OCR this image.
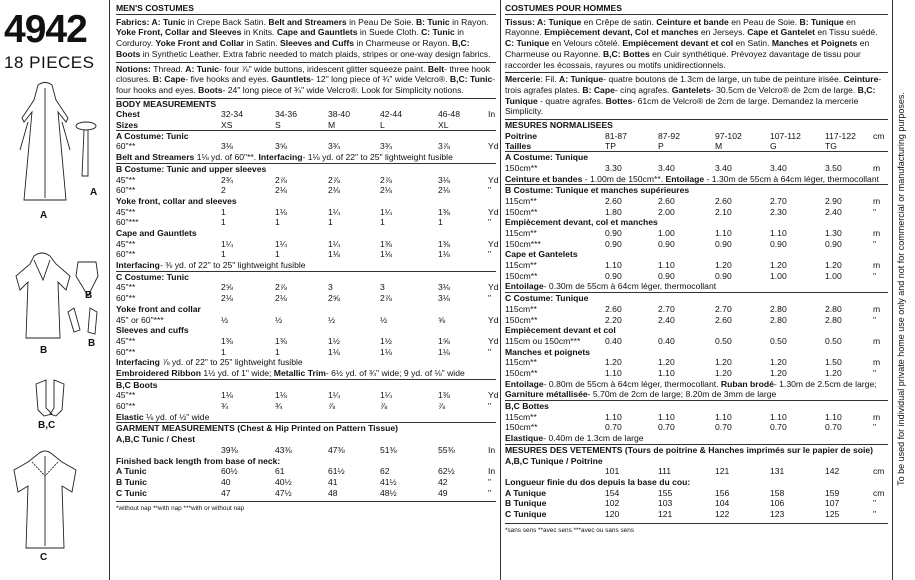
4942
18 PIECES
A
A
B
B
B
B,C
C
MEN'S COSTUMES

Fabrics: A: Tunic in Crepe Back Satin. Belt and Streamers in Peau De Soie. B: Tunic in Rayon. Yoke Front, Collar and Sleeves in Knits. Cape and Gauntlets in Suede Cloth. C: Tunic in Corduroy. Yoke Front and Collar in Satin. Sleeves and Cuffs in Charmeuse or Rayon. B,C: Boots in Synthetic Leather. Extra fabric needed to match plaids, stripes or one-way design fabrics.

Notions: Thread. A: Tunic- four ⅞" wide buttons, iridescent glitter squeeze paint. Belt- three hook closures. B: Cape- five hooks and eyes. Gauntlets- 12" long piece of ¾" wide Velcro®. B,C: Tunic- four hooks and eyes. Boots- 24" long piece of ¾" wide Velcro®. Look for Simplicity notions.

BODY MEASUREMENTS
Chest	32-34	34-36	38-40	42-44	46-48	In
Sizes	XS	S	M	L	XL
A Costume: Tunic
60"**	3⅛	3⅝	3¾	3¾	3⅞	Yd

Belt and Streamers 1⅛ yd. of 60"**. Interfacing- 1⅛ yd. of 22" to 25" lightweight fusible

B Costume: Tunic and upper sleeves
45"**	2¾	2⅞	2⅞	2⅞	3⅛	Yd
60"**	2	2⅛	2⅛	2⅛	2⅛	"
Yoke front, collar and sleeves
45"**	1	1⅛	1¼	1¼	1⅜	Yd
60"***	1	1	1	1	1	"
Cape and Gauntlets
45"**	1¼	1¼	1¼	1⅜	1⅜	Yd
60"**	1	1	1⅛	1⅛	1⅛	"

Interfacing- ⅜ yd. of 22" to 25" lightweight fusible

C Costume: Tunic
45"**	2⅝	2⅞	3	3	3⅛	Yd
60"**	2⅛	2⅛	2⅝	2⅞	3⅛	"
Yoke front and collar
45" or 60"***	½	½	½	½	⅝	Yd
Sleeves and cuffs
45"**	1⅜	1⅜	1½	1½	1⅝	Yd
60"**	1	1	1⅛	1⅛	1⅛	"

Interfacing ⅞ yd. of 22" to 25" lightweight fusible

Embroidered Ribbon 1½ yd. of 1" wide; Metallic Trim- 6½ yd. of ¾" wide; 9 yd. of ⅛" wide

B,C Boots
45"**	1⅛	1⅛	1¼	1¼	1⅜	Yd
60"**	¾	¾	⅞	⅞	⅞	"

Elastic ⅛ yd. of ½" wide

GARMENT MEASUREMENTS (Chest & Hip Printed on Pattern Tissue)
A,B,C Tunic / Chest
39⅜	43⅜	47⅜	51⅜	55⅜	In
Finished back length from base of neck:
A Tunic	60½	61	61½	62	62½	In
B Tunic	40	40½	41	41½	42	"
C Tunic	47	47½	48	48½	49	"
*without nap **with nap ***with or without nap
COSTUMES POUR HOMMES

Tissus: A: Tunique en Crêpe de satin. Ceinture et bande en Peau de Soie. B: Tunique en Rayonne. Empiècement devant, Col et manches en Jerseys. Cape et Gantelet en Tissu suédé. C: Tunique en Velours côtelé. Empiècement devant et col en Satin. Manches et Poignets en Charmeuse ou Rayonne. B,C: Bottes en Cuir synthétique. Prévoyez davantage de tissu pour raccorder les écossais, rayures ou motifs unidirectionnels.

Mercerie: Fil. A: Tunique- quatre boutons de 1.3cm de large, un tube de peinture irisée. Ceinture- trois agrafes plates. B: Cape- cinq agrafes. Gantelets- 30.5cm de Velcro® de 2cm de large. B,C: Tunique - quatre agrafes. Bottes- 61cm de Velcro® de 2cm de large. Demandez la mercerie Simplicity.

MESURES NORMALISEES
Poitrine	81-87	87-92	97-102	107-112	117-122 cm
Tailles	TP	P	M	G	TG
A Costume: Tunique
150cm**	3.30	3.40	3.40	3.40	3.50	m

Ceinture et bandes - 1.00m de 150cm**. Entoilage - 1.30m de 55cm à 64cm léger, thermocollant

B Costume: Tunique et manches supérieures
115cm**	2.60	2.60	2.60	2.70	2.90	m
150cm**	1.80	2.00	2.10	2.30	2.40	"
Empiècement devant, col et manches
115cm**	0.90	1.00	1.10	1.10	1.30	m
150cm***	0.90	0.90	0.90	0.90	0.90	"
Cape et Gantelets
115cm**	1.10	1.10	1.20	1.20	1.20	m
150cm**	0.90	0.90	0.90	1.00	1.00	"

Entoilage- 0.30m de 55cm à 64cm léger, thermocollant

C Costume: Tunique
115cm**	2.60	2.70	2.70	2.80	2.80	m
150cm**	2.20	2.40	2.60	2.80	2.80	"
Empiècement devant et col
115cm ou 150cm***	0.40	0.40	0.50	0.50	0.50	m
Manches et poignets
115cm**	1.20	1.20	1.20	1.20	1.50	m
150cm**	1.10	1.10	1.20	1.20	1.20	"

Entoilage- 0.80m de 55cm à 64cm léger, thermocollant. Ruban brodé- 1.30m de 2.5cm de large;

Garniture métallisée- 5.70m de 2cm de large; 8.20m de 3mm de large

B,C Bottes
115cm**	1.10	1.10	1.10	1.10	1.10	m
150cm**	0.70	0.70	0.70	0.70	0.70	"

Elastique- 0.40m de 1.3cm de large

MESURES DES VETEMENTS (Tours de poitrine & Hanches imprimés sur le papier de soie)
A,B,C Tunique / Poitrine
101	111	121	131	142	cm
Longueur finie du dos depuis la base du cou:
A Tunique	154	155	156	158	159	cm
B Tunique	102	103	104	106	107	"
C Tunique	120	121	122	123	125	"
*sans sens **avec sens ***avec ou sans sens
To be used for individual private home use only and not for commercial or manufacturing purposes.
